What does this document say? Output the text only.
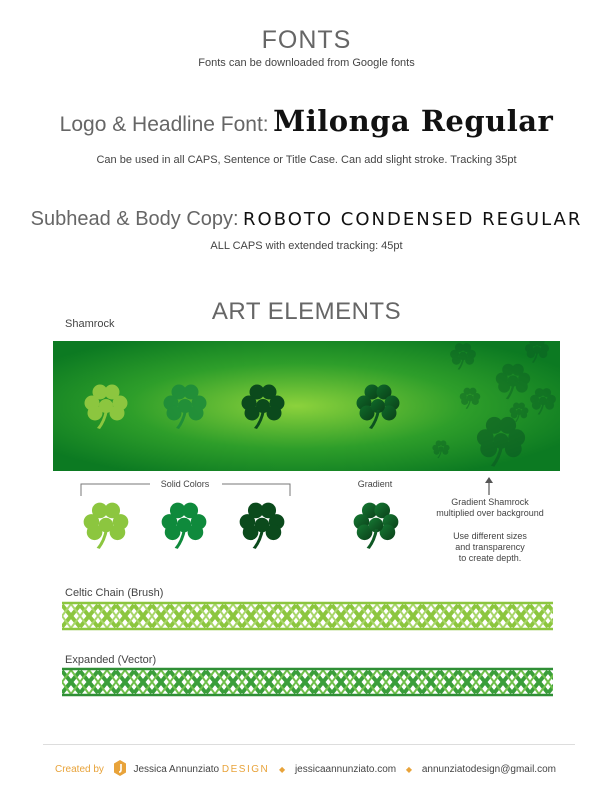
FONTS
Fonts can be downloaded from Google fonts
Logo & Headline Font: Milonga Regular
Can be used in all CAPS, Sentence or Title Case. Can add slight stroke. Tracking 35pt
Subhead & Body Copy: ROBOTO CONDENSED REGULAR
ALL CAPS with extended tracking: 45pt
ART ELEMENTS
Shamrock
Solid Colors	Gradient
Gradient Shamrock
multiplied over background
Use different sizes
and transparency
to create depth.
Celtic Chain (Brush)
Expanded (Vector)
Created by	Jessica Annunziato DESIGN ◆ jessicaannunziato.com ◆ annunziatodesign@gmail.com
